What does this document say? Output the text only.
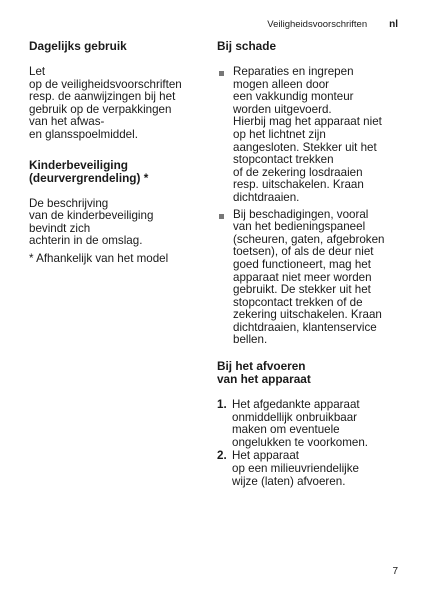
Veiligheidsvoorschriften nl
Dagelijks gebruik

Let
op de veiligheidsvoorschriften
resp. de aanwijzingen bij het
gebruik op de verpakkingen
van het afwas-
en glansspoelmiddel.

Kinderbeveiliging
(deurvergrendeling) *

De beschrijving
van de kinderbeveiliging
bevindt zich
achterin in de omslag.

* Afhankelijk van het model

Bij schade
Reparaties en ingrepen
mogen alleen door
een vakkundig monteur
worden uitgevoerd.
Hierbij mag het apparaat niet
op het lichtnet zijn
aangesloten. Stekker uit het
stopcontact trekken
of de zekering losdraaien
resp. uitschakelen. Kraan
dichtdraaien.
Bij beschadigingen, vooral
van het bedieningspaneel
(scheuren, gaten, afgebroken
toetsen), of als de deur niet
goed functioneert, mag het
apparaat niet meer worden
gebruikt. De stekker uit het
stopcontact trekken of de
zekering uitschakelen. Kraan
dichtdraaien, klantenservice
bellen.
Bij het afvoeren
van het apparaat
1. Het afgedankte apparaat
onmiddellijk onbruikbaar
maken om eventuele
ongelukken te voorkomen.
2. Het apparaat
op een milieuvriendelijke
wijze (laten) afvoeren.
7
